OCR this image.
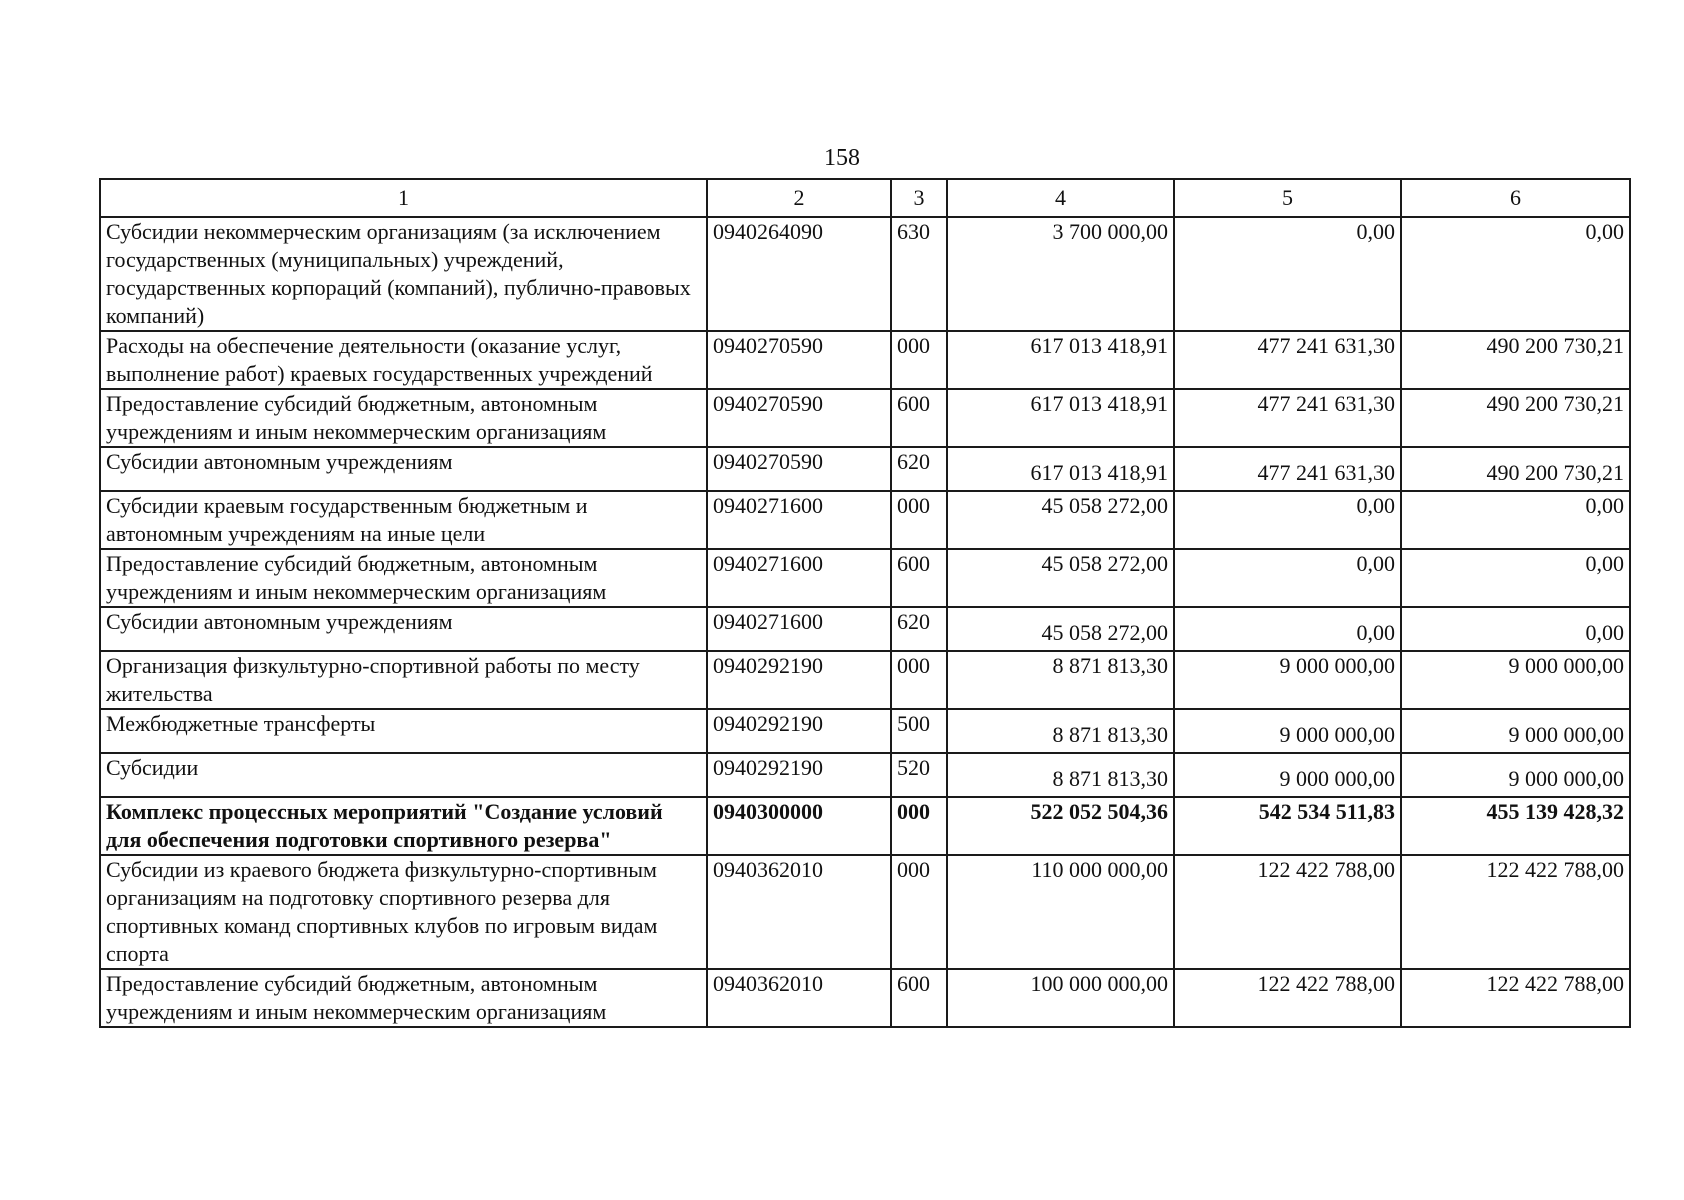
158
1	2	3	4	5	6
Субсидии некоммерческим организациям (за исключением государственных (муниципальных) учреждений, государственных корпораций (компаний), публично-правовых компаний)	0940264090	630	3 700 000,00	0,00	0,00
Расходы на обеспечение деятельности (оказание услуг, выполнение работ) краевых государственных учреждений	0940270590	000	617 013 418,91	477 241 631,30	490 200 730,21
Предоставление субсидий бюджетным, автономным учреждениям и иным некоммерческим организациям	0940270590	600	617 013 418,91	477 241 631,30	490 200 730,21
Субсидии автономным учреждениям	0940270590	620	617 013 418,91	477 241 631,30	490 200 730,21
Субсидии краевым государственным бюджетным и автономным учреждениям на иные цели	0940271600	000	45 058 272,00	0,00	0,00
Предоставление субсидий бюджетным, автономным учреждениям и иным некоммерческим организациям	0940271600	600	45 058 272,00	0,00	0,00
Субсидии автономным учреждениям	0940271600	620	45 058 272,00	0,00	0,00
Организация физкультурно-спортивной работы по месту жительства	0940292190	000	8 871 813,30	9 000 000,00	9 000 000,00
Межбюджетные трансферты	0940292190	500	8 871 813,30	9 000 000,00	9 000 000,00
Субсидии	0940292190	520	8 871 813,30	9 000 000,00	9 000 000,00
Комплекс процессных мероприятий "Создание условий для обеспечения подготовки спортивного резерва"	0940300000	000	522 052 504,36	542 534 511,83	455 139 428,32
Субсидии из краевого бюджета физкультурно-спортивным организациям на подготовку спортивного резерва для спортивных команд спортивных клубов по игровым видам спорта	0940362010	000	110 000 000,00	122 422 788,00	122 422 788,00
Предоставление субсидий бюджетным, автономным учреждениям и иным некоммерческим организациям	0940362010	600	100 000 000,00	122 422 788,00	122 422 788,00
